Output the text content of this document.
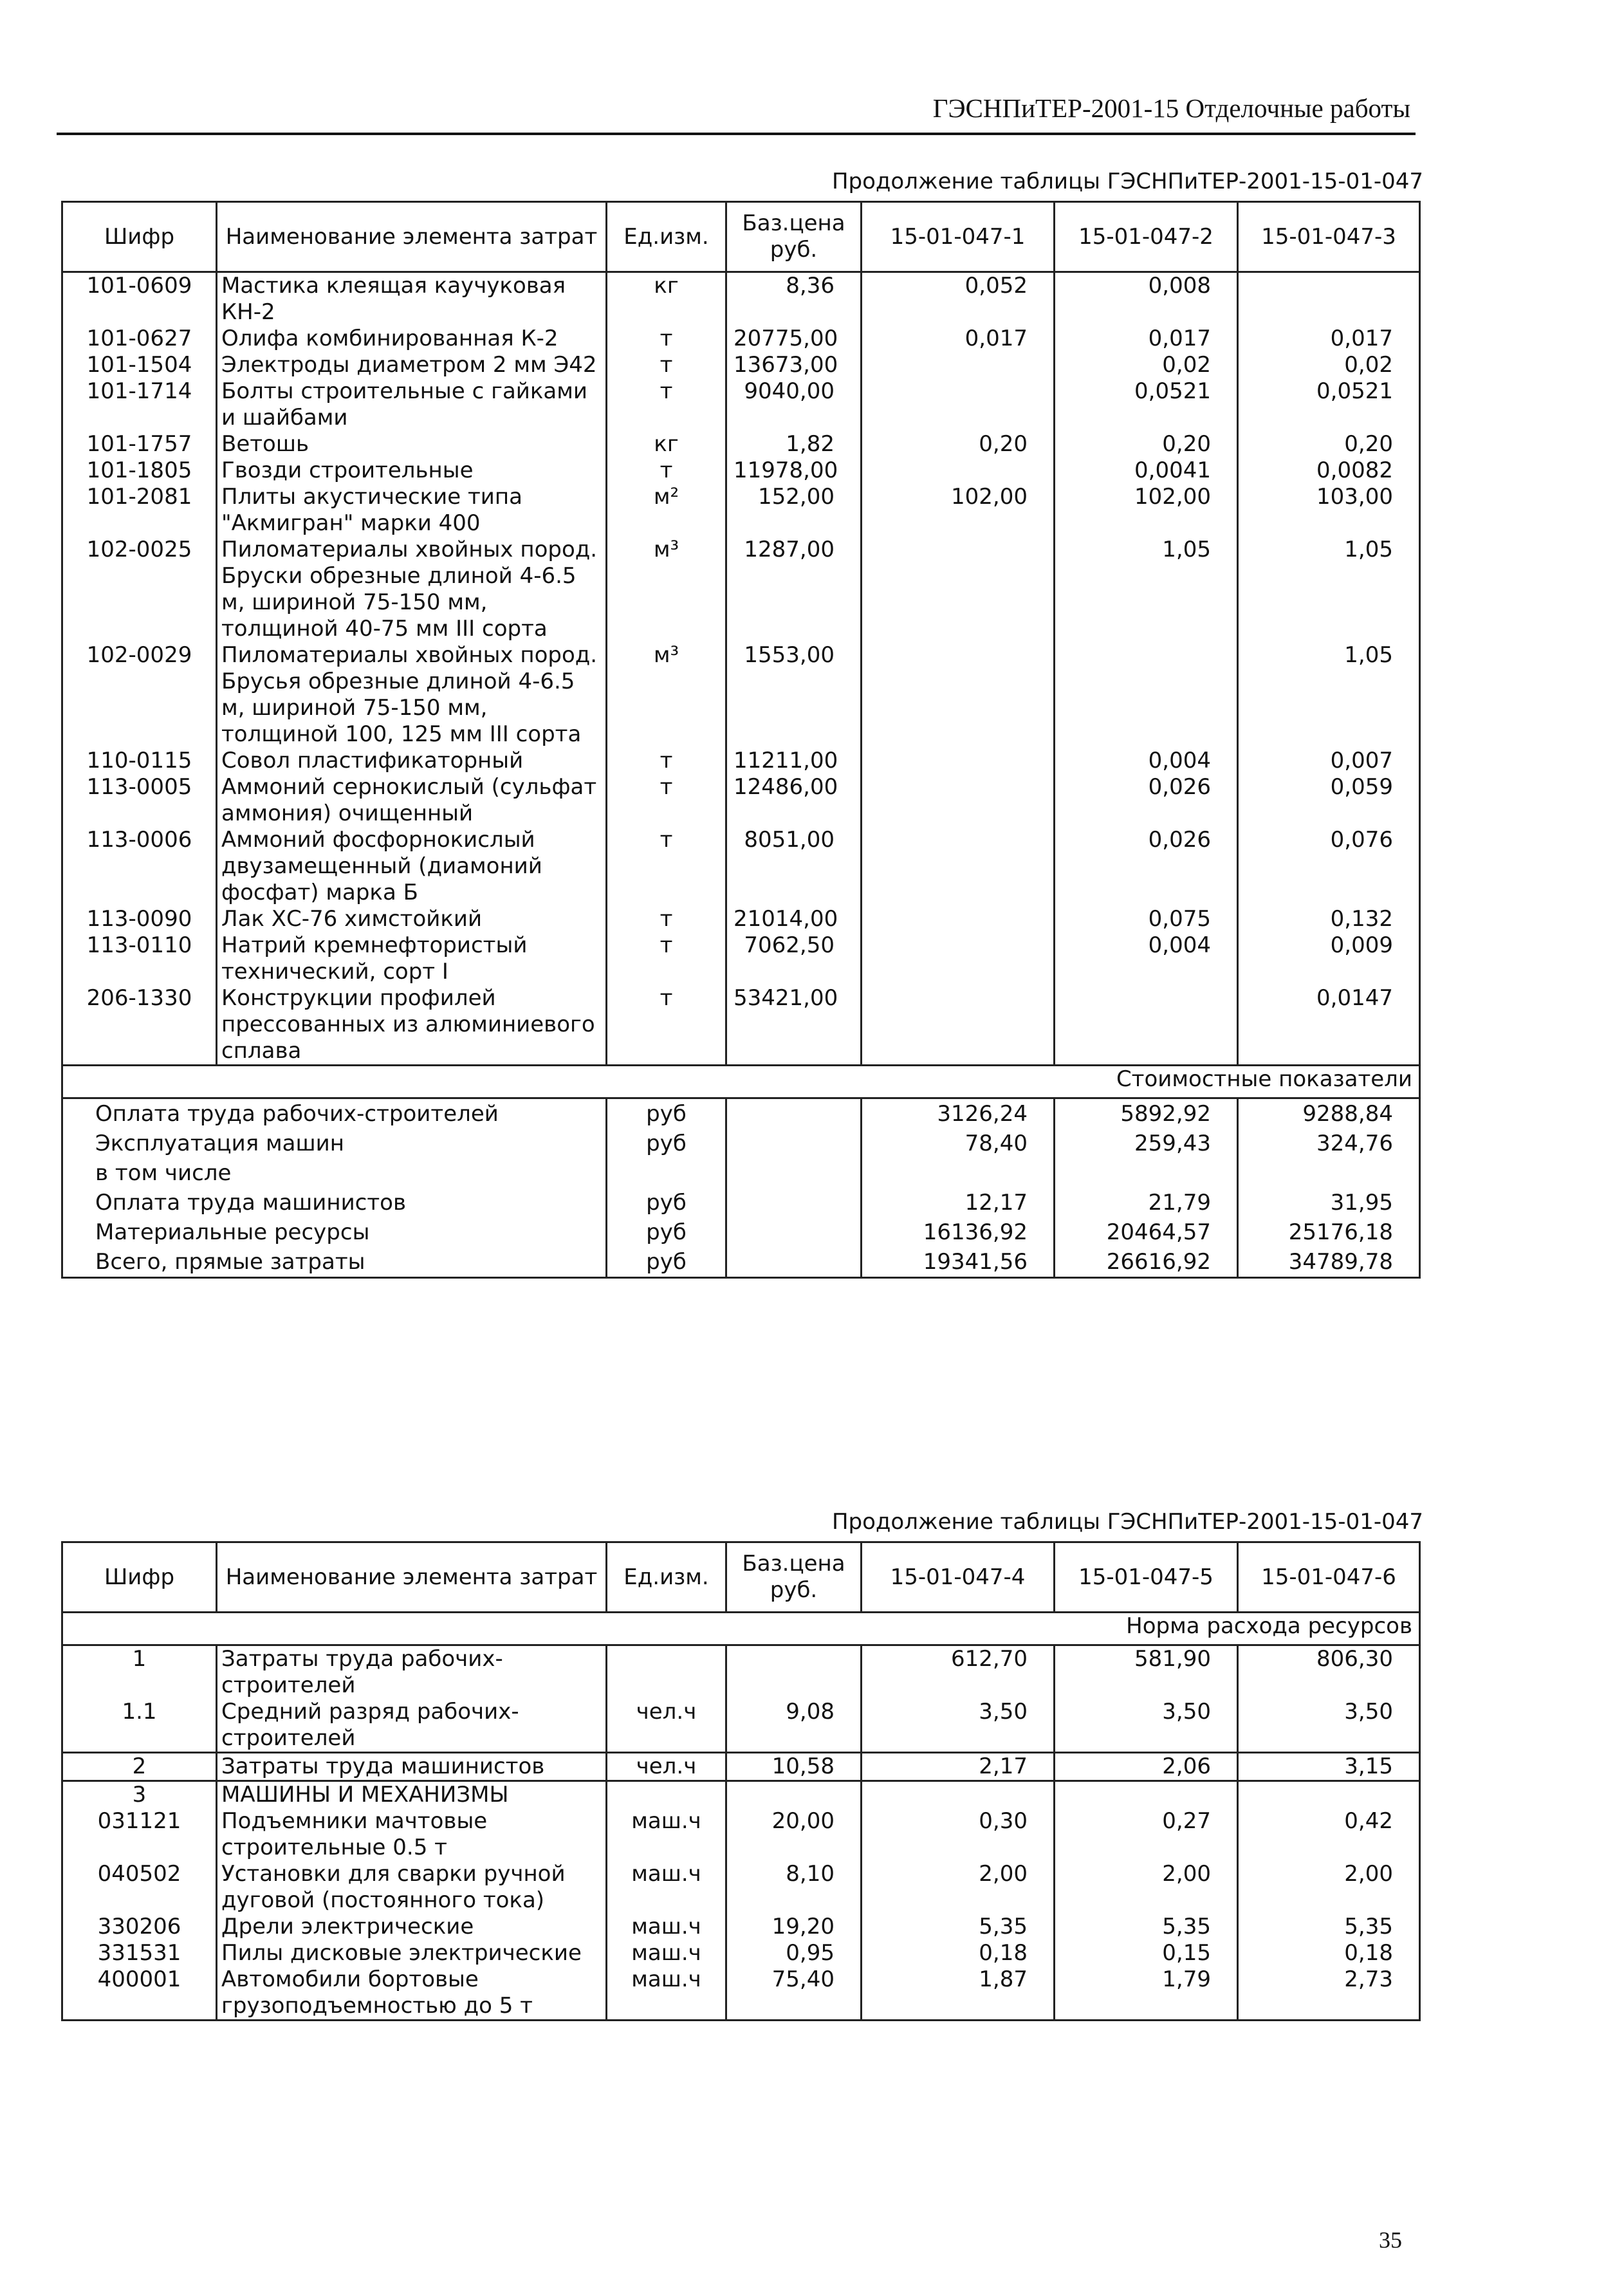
ГЭСНПиТЕР-2001-15 Отделочные работы
Продолжение таблицы ГЭСНПиТЕР-2001-15-01-047
Шифр	Наименование элемента затрат	Ед.изм.	Баз.цена руб.	15-01-047-1	15-01-047-2	15-01-047-3
101-0609	Мастика клеящая каучуковая КН-2	кг	8,36	0,052	0,008	
101-0627	Олифа комбинированная К-2	т	20775,00	0,017	0,017	0,017
101-1504	Электроды диаметром 2 мм Э42	т	13673,00		0,02	0,02
101-1714	Болты строительные с гайками и шайбами	т	9040,00		0,0521	0,0521
101-1757	Ветошь	кг	1,82	0,20	0,20	0,20
101-1805	Гвозди строительные	т	11978,00		0,0041	0,0082
101-2081	Плиты акустические типа "Акмигран" марки 400	м²	152,00	102,00	102,00	103,00
102-0025	Пиломатериалы хвойных пород. Бруски обрезные длиной 4-6.5 м, шириной 75-150 мм, толщиной 40-75 мм III сорта	м³	1287,00		1,05	1,05
102-0029	Пиломатериалы хвойных пород. Брусья обрезные длиной 4-6.5 м, шириной 75-150 мм, толщиной 100, 125 мм III сорта	м³	1553,00			1,05
110-0115	Совол пластификаторный	т	11211,00		0,004	0,007
113-0005	Аммоний сернокислый (сульфат аммония) очищенный	т	12486,00		0,026	0,059
113-0006	Аммоний фосфорнокислый двузамещенный (диамоний фосфат) марка Б	т	8051,00		0,026	0,076
113-0090	Лак ХС-76 химстойкий	т	21014,00		0,075	0,132
113-0110	Натрий кремнефтористый технический, сорт I	т	7062,50		0,004	0,009
206-1330	Конструкции профилей прессованных из алюминиевого сплава	т	53421,00			0,0147
Стоимостные показатели						
Оплата труда рабочих-строителей		руб		3126,24	5892,92	9288,84
Эксплуатация машин		руб		78,40	259,43	324,76
в том числе						
Оплата труда машинистов		руб		12,17	21,79	31,95
Материальные ресурсы		руб		16136,92	20464,57	25176,18
Всего, прямые затраты		руб		19341,56	26616,92	34789,78
Продолжение таблицы ГЭСНПиТЕР-2001-15-01-047
Шифр	Наименование элемента затрат	Ед.изм.	Баз.цена руб.	15-01-047-4	15-01-047-5	15-01-047-6
Норма расхода ресурсов						
1	Затраты труда рабочих-строителей			612,70	581,90	806,30
1.1	Средний разряд рабочих-строителей	чел.ч	9,08	3,50	3,50	3,50
2	Затраты труда машинистов	чел.ч	10,58	2,17	2,06	3,15
3	МАШИНЫ И МЕХАНИЗМЫ					
031121	Подъемники мачтовые строительные 0.5 т	маш.ч	20,00	0,30	0,27	0,42
040502	Установки для сварки ручной дуговой (постоянного тока)	маш.ч	8,10	2,00	2,00	2,00
330206	Дрели электрические	маш.ч	19,20	5,35	5,35	5,35
331531	Пилы дисковые электрические	маш.ч	0,95	0,18	0,15	0,18
400001	Автомобили бортовые грузоподъемностью до 5 т	маш.ч	75,40	1,87	1,79	2,73
35
